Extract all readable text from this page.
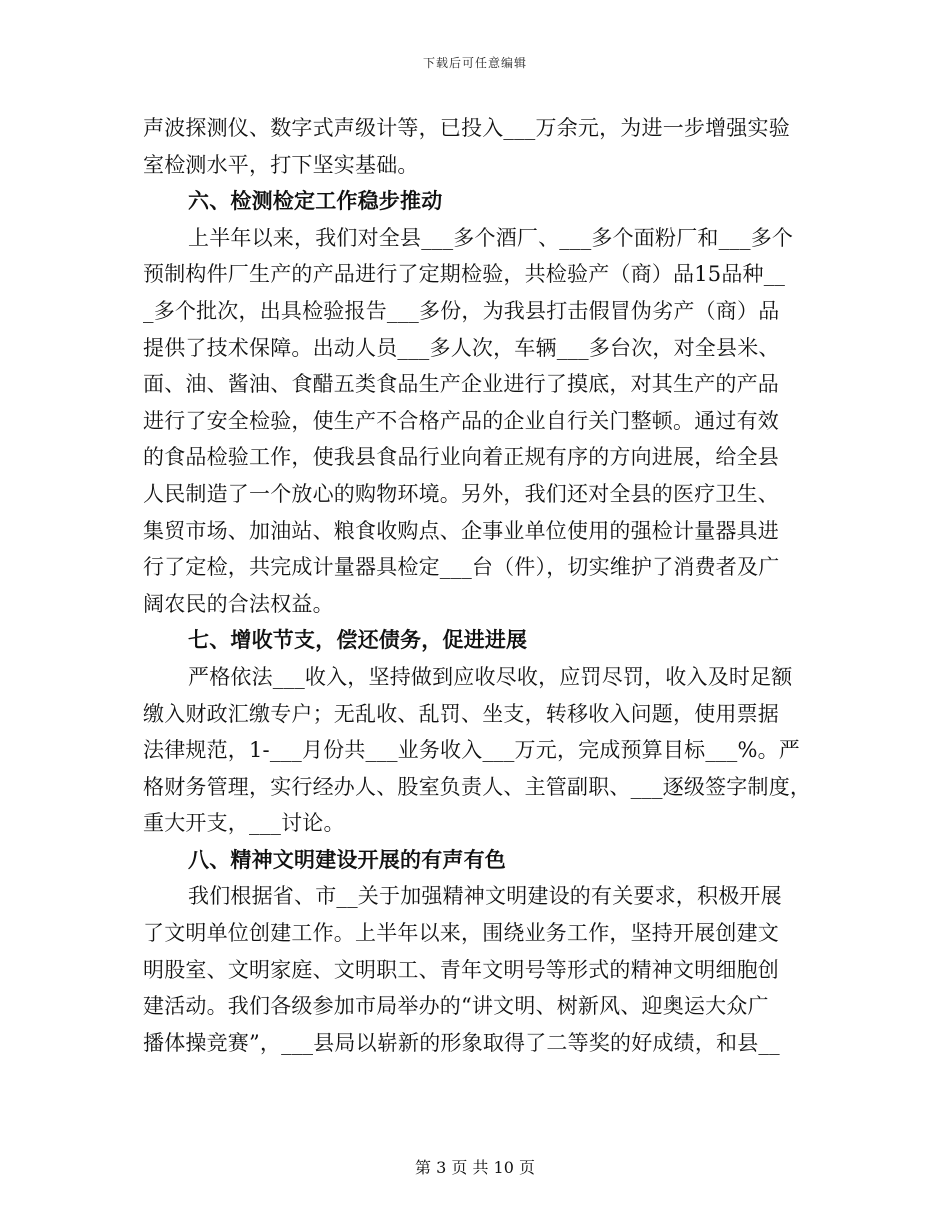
下载后可任意编辑
声波探测仪、数字式声级计等，已投入___万余元，为进一步增强实验
室检测水平，打下坚实基础。
六、检测检定工作稳步推动
上半年以来，我们对全县___多个酒厂、___多个面粉厂和___多个
预制构件厂生产的产品进行了定期检验，共检验产（商）品15品种__
_多个批次，出具检验报告___多份，为我县打击假冒伪劣产（商）品
提供了技术保障。出动人员___多人次，车辆___多台次，对全县米、
面、油、酱油、食醋五类食品生产企业进行了摸底，对其生产的产品
进行了安全检验，使生产不合格产品的企业自行关门整顿。通过有效
的食品检验工作，使我县食品行业向着正规有序的方向进展，给全县
人民制造了一个放心的购物环境。另外，我们还对全县的医疗卫生、
集贸市场、加油站、粮食收购点、企事业单位使用的强检计量器具进
行了定检，共完成计量器具检定___台（件），切实维护了消费者及广
阔农民的合法权益。
七、增收节支，偿还债务，促进进展
严格依法___收入，坚持做到应收尽收，应罚尽罚，收入及时足额
缴入财政汇缴专户；无乱收、乱罚、坐支，转移收入问题，使用票据
法律规范，1-___月份共___业务收入___万元，完成预算目标___%。严
格财务管理，实行经办人、股室负责人、主管副职、___逐级签字制度，
重大开支，___讨论。
八、精神文明建设开展的有声有色
我们根据省、市__关于加强精神文明建设的有关要求，积极开展
了文明单位创建工作。上半年以来，围绕业务工作，坚持开展创建文
明股室、文明家庭、文明职工、青年文明号等形式的精神文明细胞创
建活动。我们各级参加市局举办的“讲文明、树新风、迎奥运大众广
播体操竞赛”，___县局以崭新的形象取得了二等奖的好成绩，和县__
第 3 页 共 10 页
